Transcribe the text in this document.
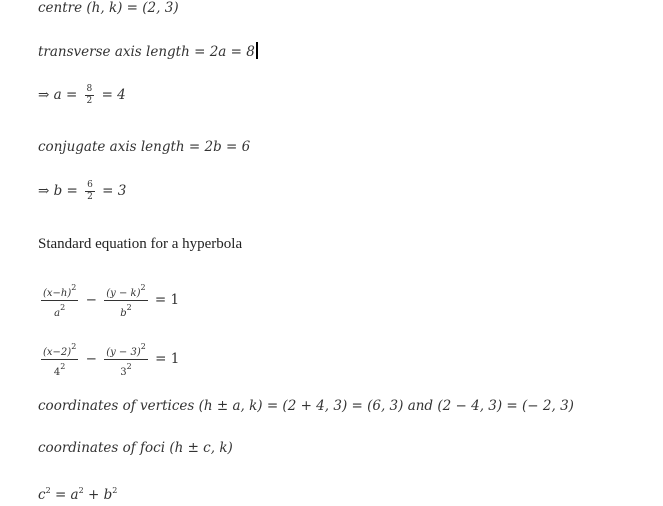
centre (h, k) = (2, 3)
transverse axis length = 2a = 8
⇒ $a = \frac{8}{2} = 4$
conjugate axis length = 2b = 6
⇒ $b = \frac{6}{2} = 3$
Standard equation for a hyperbola
$\frac{(x-h)^2}{a^2} - \frac{(y - k)^2}{b^2} = 1$
$\frac{(x-2)^2}{4^2} - \frac{(y - 3)^2}{3^2} = 1$
coordinates of vertices (h ± a, k) = (2 + 4, 3) = (6, 3) and (2 − 4, 3) = (− 2, 3)
coordinates of foci (h ± c, k)
$c^2 = a^2 + b^2$
